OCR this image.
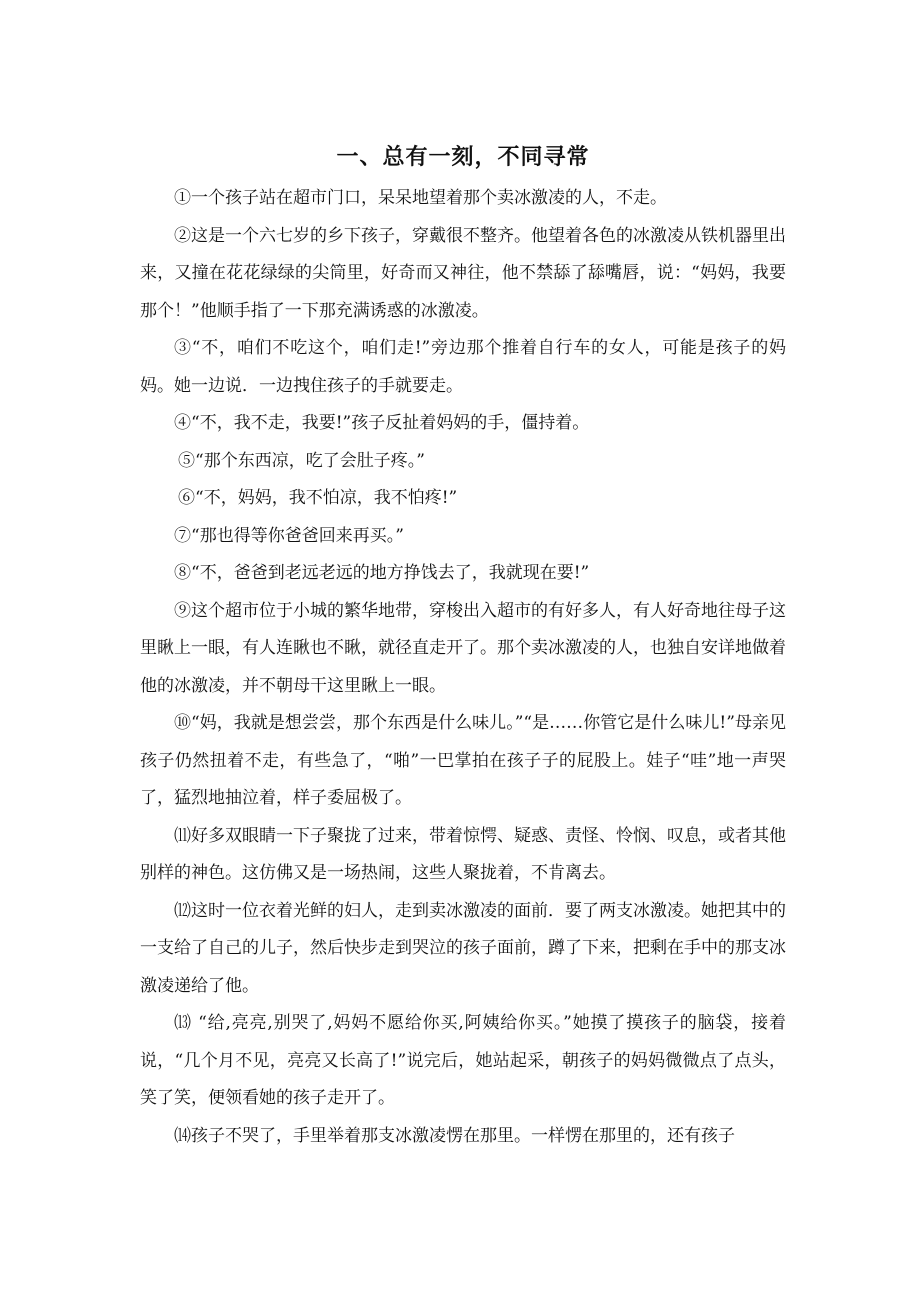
一、总有一刻，不同寻常

①一个孩子站在超市门口，呆呆地望着那个卖冰激凌的人，不走。

②这是一个六七岁的乡下孩子，穿戴很不整齐。他望着各色的冰激凌从铁机器里出来，又撞在花花绿绿的尖筒里，好奇而又神往，他不禁舔了舔嘴唇，说：“妈妈，我要那个！”他顺手指了一下那充满诱惑的冰激凌。

③“不，咱们不吃这个，咱们走!”旁边那个推着自行车的女人，可能是孩子的妈妈。她一边说．一边拽住孩子的手就要走。

④“不，我不走，我要!”孩子反扯着妈妈的手，僵持着。

⑤“那个东西凉，吃了会肚子疼。”

⑥“不，妈妈，我不怕凉，我不怕疼!”

⑦“那也得等你爸爸回来再买。”

⑧“不，爸爸到老远老远的地方挣饯去了，我就现在要!”

⑨这个超市位于小城的繁华地带，穿梭出入超市的有好多人，有人好奇地往母子这里瞅上一眼，有人连瞅也不瞅，就径直走开了。那个卖冰激凌的人，也独自安详地做着他的冰激凌，并不朝母干这里瞅上一眼。

⑩“妈，我就是想尝尝，那个东西是什么味儿。”“是……你管它是什么味儿!”母亲见孩子仍然扭着不走，有些急了，“啪”一巴掌拍在孩子子的屁股上。娃子“哇”地一声哭了，猛烈地抽泣着，样子委屈极了。

⑾好多双眼睛一下子聚拢了过来，带着惊愕、疑惑、责怪、怜悯、叹息，或者其他别样的神色。这仿佛又是一场热闹，这些人聚拢着，不肯离去。

⑿这时一位衣着光鲜的妇人，走到卖冰激凌的面前．要了两支冰激凌。她把其中的一支给了自己的儿子，然后快步走到哭泣的孩子面前，蹲了下来，把剩在手中的那支冰激凌递给了他。

⒀ “给,亮亮,别哭了,妈妈不愿给你买,阿姨给你买。”她摸了摸孩子的脑袋，接着说，“几个月不见，亮亮又长高了!”说完后，她站起采，朝孩子的妈妈微微点了点头，笑了笑，便领看她的孩子走开了。

⒁孩子不哭了，手里举着那支冰激凌愣在那里。一样愣在那里的，还有孩子
